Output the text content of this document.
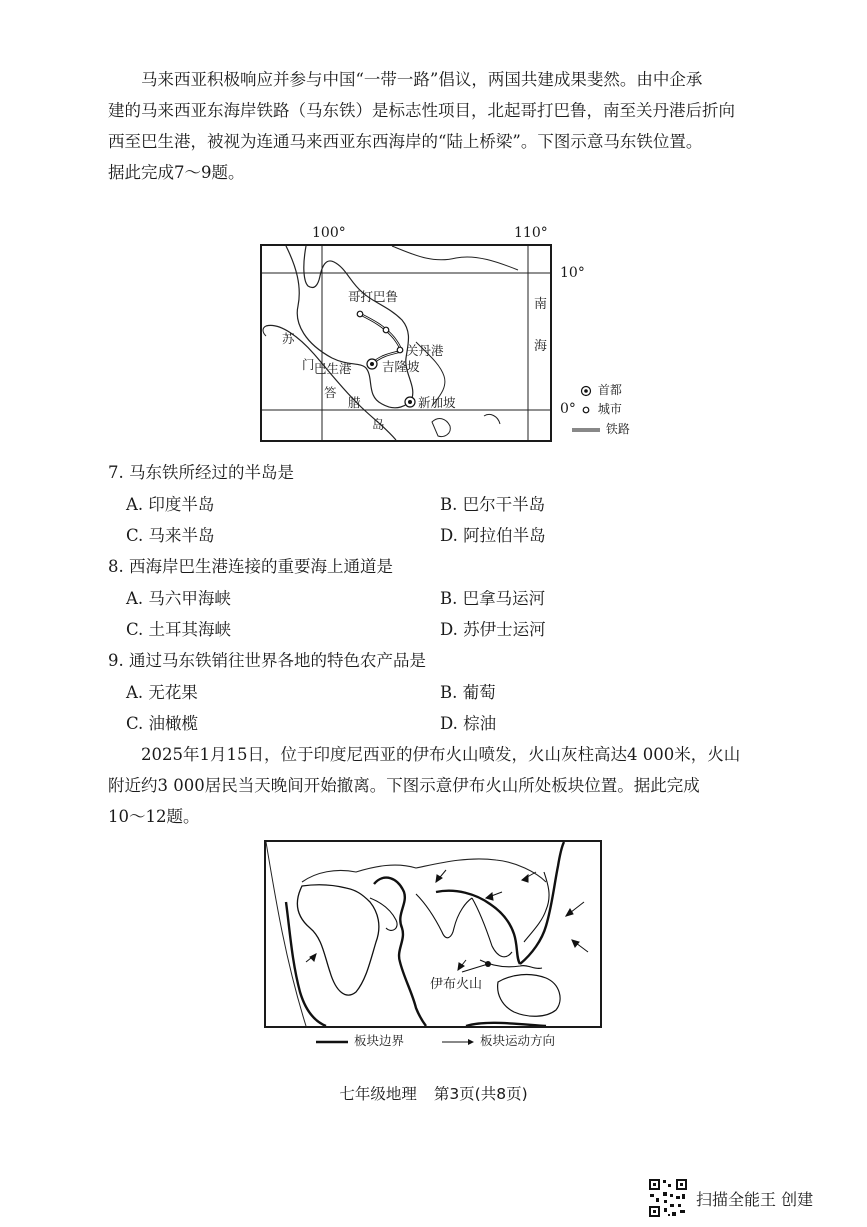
马来西亚积极响应并参与中国“一带一路”倡议，两国共建成果斐然。由中企承
建的马来西亚东海岸铁路（马东铁）是标志性项目，北起哥打巴鲁，南至关丹港后折向
西至巴生港，被视为连通马来西亚东西海岸的“陆上桥梁”。下图示意马东铁位置。
据此完成7～9题。
100°	110°
哥打巴鲁
关丹港
巴生港 吉隆坡
新加坡
南
海
苏
门
答
腊
岛
10°
0°
首都
城市
铁路
7. 马东铁所经过的半岛是
A. 印度半岛	B. 巴尔干半岛
C. 马来半岛	D. 阿拉伯半岛
8. 西海岸巴生港连接的重要海上通道是
A. 马六甲海峡	B. 巴拿马运河
C. 土耳其海峡	D. 苏伊士运河
9. 通过马东铁销往世界各地的特色农产品是
A. 无花果	B. 葡萄
C. 油橄榄	D. 棕油
2025年1月15日，位于印度尼西亚的伊布火山喷发，火山灰柱高达4 000米，火山
附近约3 000居民当天晚间开始撤离。下图示意伊布火山所处板块位置。据此完成
10～12题。
伊布火山
板块边界	板块运动方向
七年级地理 第3页(共8页)
扫描全能王 创建
